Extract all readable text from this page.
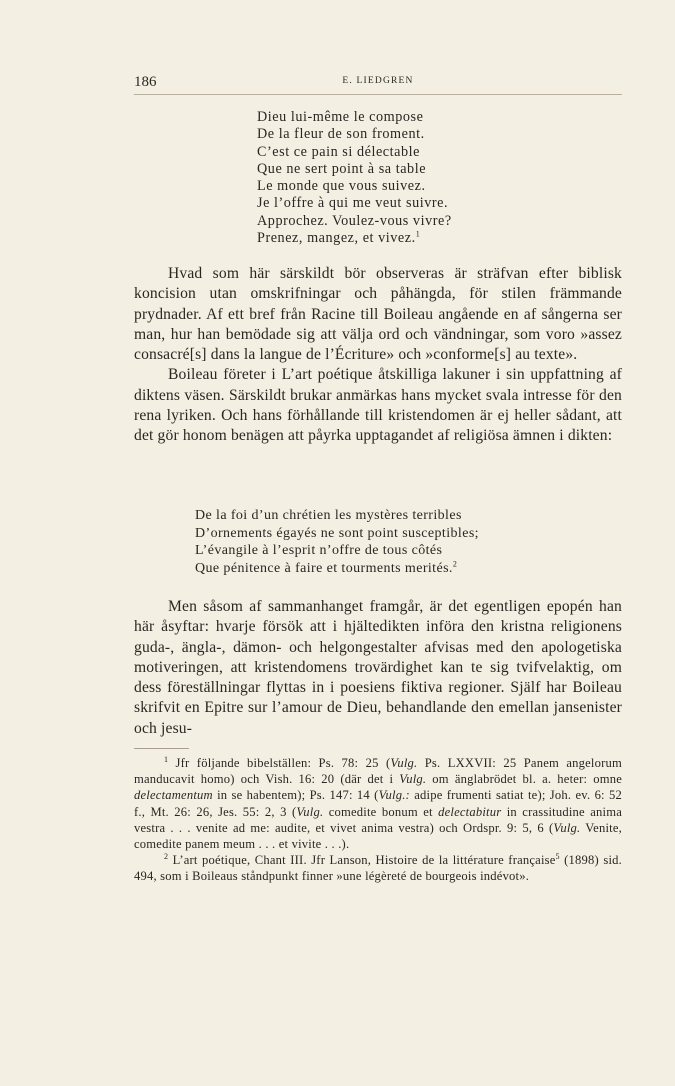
186	E. LIEDGREN
Dieu lui-même le compose
De la fleur de son froment.
C’est ce pain si délectable
Que ne sert point à sa table
Le monde que vous suivez.
Je l’offre à qui me veut suivre.
Approchez. Voulez-vous vivre?
Prenez, mangez, et vivez.$^1$

Hvad som här särskildt bör observeras är sträfvan efter biblisk koncision utan omskrifningar och påhängda, för stilen främmande prydnader. Af ett bref från Racine till Boileau angående en af sångerna ser man, hur han bemödade sig att välja ord och vändningar, som voro »assez consacré[s] dans la langue de l’Écriture» och »conforme[s] au texte».

Boileau företer i L’art poétique åtskilliga lakuner i sin uppfattning af diktens väsen. Särskildt brukar anmärkas hans mycket svala intresse för den rena lyriken. Och hans förhållande till kristendomen är ej heller sådant, att det gör honom benägen att påyrka upptagandet af religiösa ämnen i dikten:

De la foi d’un chrétien les mystères terribles
D’ornements égayés ne sont point susceptibles;
L’évangile à l’esprit n’offre de tous côtés
Que pénitence à faire et tourments merités.$^2$

Men såsom af sammanhanget framgår, är det egentligen epopén han här åsyftar: hvarje försök att i hjältedikten införa den kristna religionens guda-, ängla-, dämon- och helgongestalter afvisas med den apologetiska motiveringen, att kristendomens trovärdighet kan te sig tvifvelaktig, om dess föreställningar flyttas in i poesiens fiktiva regioner. Själf har Boileau skrifvit en Epitre sur l’amour de Dieu, behandlande den emellan jansenister och jesu-

$^1$ Jfr följande bibelställen: Ps. 78: 25 (Vulg. Ps. LXXVII: 25 Panem angelorum manducavit homo) och Vish. 16: 20 (där det i Vulg. om änglabrödet bl. a. heter: omne delectamentum in se habentem); Ps. 147: 14 (Vulg.: adipe frumenti satiat te); Joh. ev. 6: 52 f., Mt. 26: 26, Jes. 55: 2, 3 (Vulg. comedite bonum et delectabitur in crassitudine anima vestra . . . venite ad me: audite, et vivet anima vestra) och Ordspr. 9: 5, 6 (Vulg. Venite, comedite panem meum . . . et vivite . . .).

$^2$ L’art poétique, Chant III. Jfr Lanson, Histoire de la littérature française$^5$ (1898) sid. 494, som i Boileaus ståndpunkt finner »une légèreté de bourgeois indévot».
